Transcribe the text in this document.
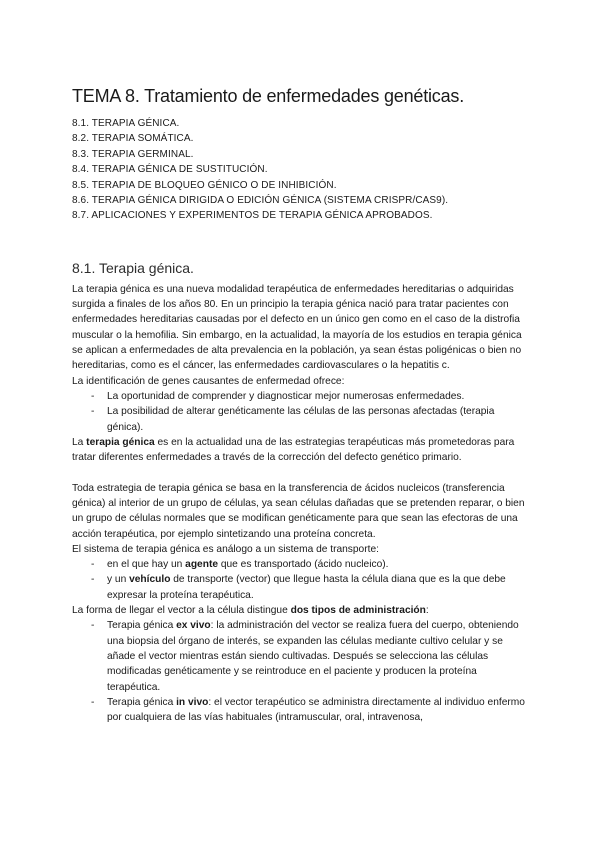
TEMA 8. Tratamiento de enfermedades genéticas.
8.1. TERAPIA GÉNICA.
8.2. TERAPIA SOMÁTICA.
8.3. TERAPIA GERMINAL.
8.4. TERAPIA GÉNICA DE SUSTITUCIÓN.
8.5. TERAPIA DE BLOQUEO GÉNICO O DE INHIBICIÓN.
8.6. TERAPIA GÉNICA DIRIGIDA O EDICIÓN GÉNICA (SISTEMA CRISPR/CAS9).
8.7. APLICACIONES Y EXPERIMENTOS DE TERAPIA GÉNICA APROBADOS.
8.1. Terapia génica.

La terapia génica es una nueva modalidad terapéutica de enfermedades hereditarias o adquiridas surgida a finales de los años 80. En un principio la terapia génica nació para tratar pacientes con enfermedades hereditarias causadas por el defecto en un único gen como en el caso de la distrofia muscular o la hemofilia. Sin embargo, en la actualidad, la mayoría de los estudios en terapia génica se aplican a enfermedades de alta prevalencia en la población, ya sean éstas poligénicas o bien no hereditarias, como es el cáncer, las enfermedades cardiovasculares o la hepatitis c.

La identificación de genes causantes de enfermedad ofrece:

- La oportunidad de comprender y diagnosticar mejor numerosas enfermedades.
- La posibilidad de alterar genéticamente las células de las personas afectadas (terapia génica).

La terapia génica es en la actualidad una de las estrategias terapéuticas más prometedoras para tratar diferentes enfermedades a través de la corrección del defecto genético primario.

Toda estrategia de terapia génica se basa en la transferencia de ácidos nucleicos (transferencia génica) al interior de un grupo de células, ya sean células dañadas que se pretenden reparar, o bien un grupo de células normales que se modifican genéticamente para que sean las efectoras de una acción terapéutica, por ejemplo sintetizando una proteína concreta.

El sistema de terapia génica es análogo a un sistema de transporte:

- en el que hay un agente que es transportado (ácido nucleico).
- y un vehículo de transporte (vector) que llegue hasta la célula diana que es la que debe expresar la proteína terapéutica.

La forma de llegar el vector a la célula distingue dos tipos de administración:

- Terapia génica ex vivo: la administración del vector se realiza fuera del cuerpo, obteniendo una biopsia del órgano de interés, se expanden las células mediante cultivo celular y se añade el vector mientras están siendo cultivadas. Después se selecciona las células modificadas genéticamente y se reintroduce en el paciente y producen la proteína terapéutica.
- Terapia génica in vivo: el vector terapéutico se administra directamente al individuo enfermo por cualquiera de las vías habituales (intramuscular, oral, intravenosa,
